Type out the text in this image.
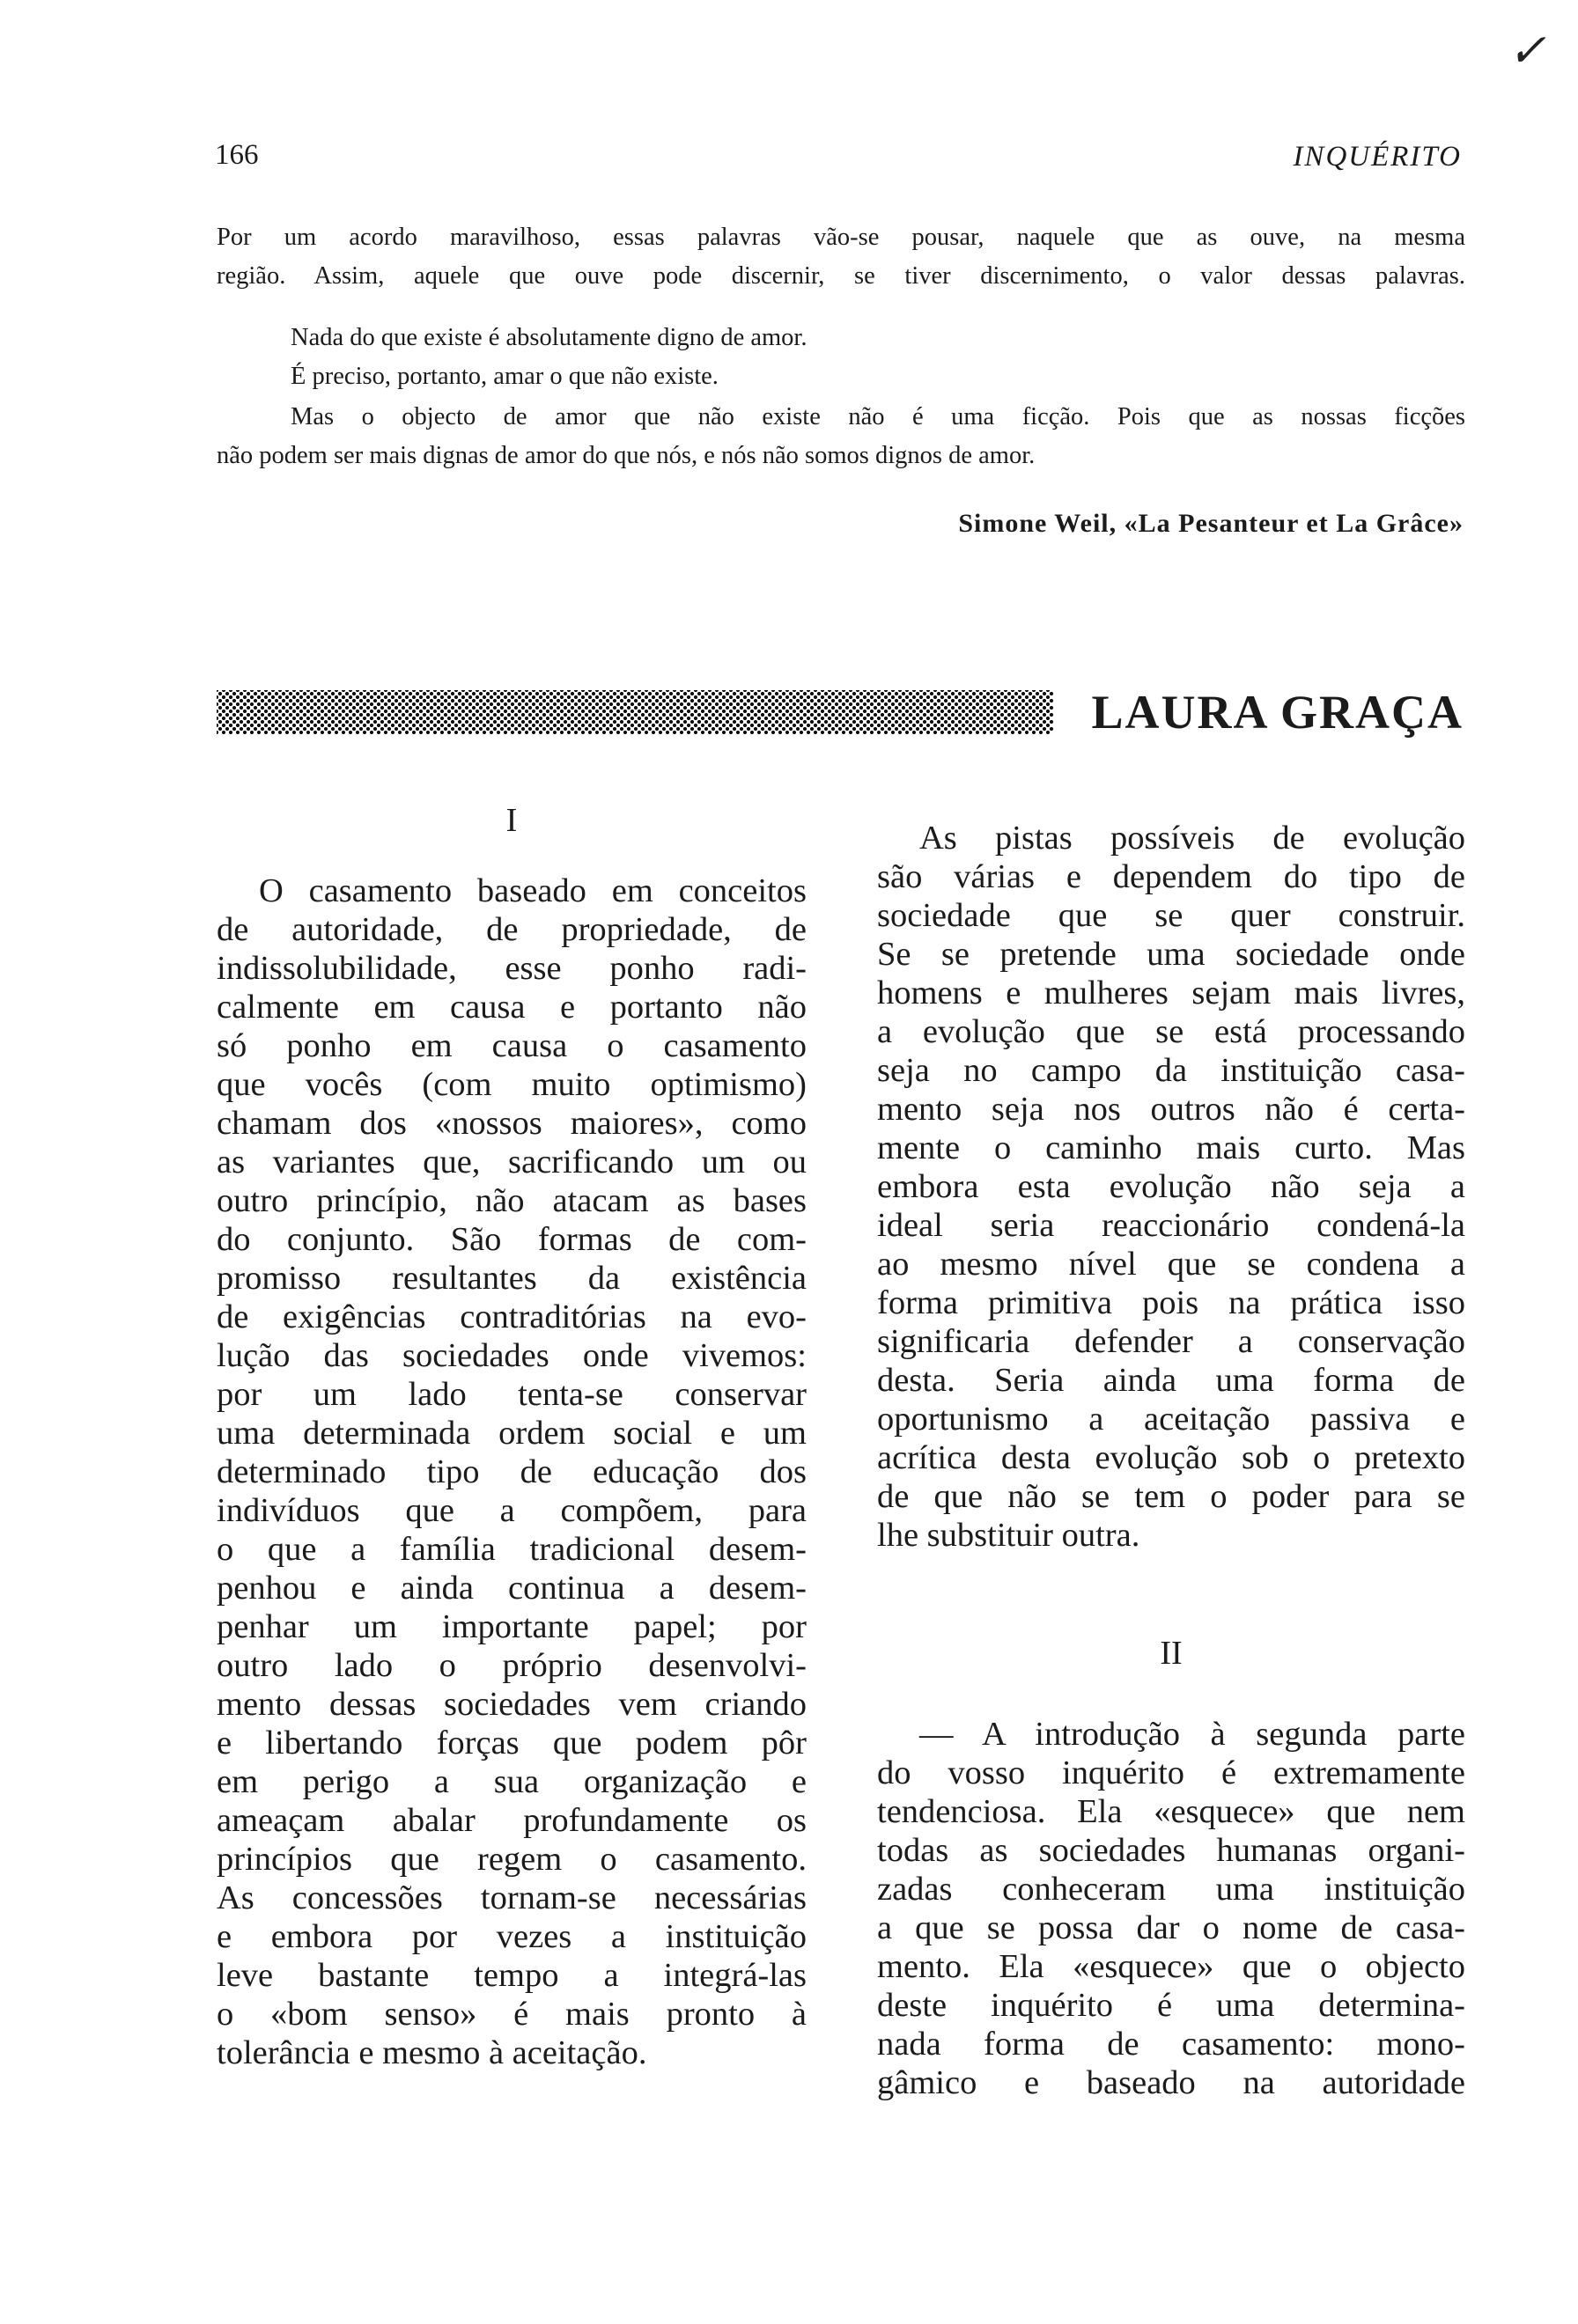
✓
166	INQUÉRITO
Por um acordo maravilhoso, essas palavras vão-se pousar, naquele que as ouve, na mesma
região. Assim, aquele que ouve pode discernir, se tiver discernimento, o valor dessas palavras.
Nada do que existe é absolutamente digno de amor.
É preciso, portanto, amar o que não existe.
Mas o objecto de amor que não existe não é uma ficção. Pois que as nossas ficções
não podem ser mais dignas de amor do que nós, e nós não somos dignos de amor.
Simone Weil, «La Pesanteur et La Grâce»
LAURA GRAÇA
I
O casamento baseado em conceitos
de autoridade, de propriedade, de
indissolubilidade, esse ponho radi-
calmente em causa e portanto não
só ponho em causa o casamento
que vocês (com muito optimismo)
chamam dos «nossos maiores», como
as variantes que, sacrificando um ou
outro princípio, não atacam as bases
do conjunto. São formas de com-
promisso resultantes da existência
de exigências contraditórias na evo-
lução das sociedades onde vivemos:
por um lado tenta-se conservar
uma determinada ordem social e um
determinado tipo de educação dos
indivíduos que a compõem, para
o que a família tradicional desem-
penhou e ainda continua a desem-
penhar um importante papel; por
outro lado o próprio desenvolvi-
mento dessas sociedades vem criando
e libertando forças que podem pôr
em perigo a sua organização e
ameaçam abalar profundamente os
princípios que regem o casamento.
As concessões tornam-se necessárias
e embora por vezes a instituição
leve bastante tempo a integrá-las
o «bom senso» é mais pronto à
tolerância e mesmo à aceitação.
As pistas possíveis de evolução
são várias e dependem do tipo de
sociedade que se quer construir.
Se se pretende uma sociedade onde
homens e mulheres sejam mais livres,
a evolução que se está processando
seja no campo da instituição casa-
mento seja nos outros não é certa-
mente o caminho mais curto. Mas
embora esta evolução não seja a
ideal seria reaccionário condená-la
ao mesmo nível que se condena a
forma primitiva pois na prática isso
significaria defender a conservação
desta. Seria ainda uma forma de
oportunismo a aceitação passiva e
acrítica desta evolução sob o pretexto
de que não se tem o poder para se
lhe substituir outra.
II
— A introdução à segunda parte
do vosso inquérito é extremamente
tendenciosa. Ela «esquece» que nem
todas as sociedades humanas organi-
zadas conheceram uma instituição
a que se possa dar o nome de casa-
mento. Ela «esquece» que o objecto
deste inquérito é uma determina-
nada forma de casamento: mono-
gâmico e baseado na autoridade
